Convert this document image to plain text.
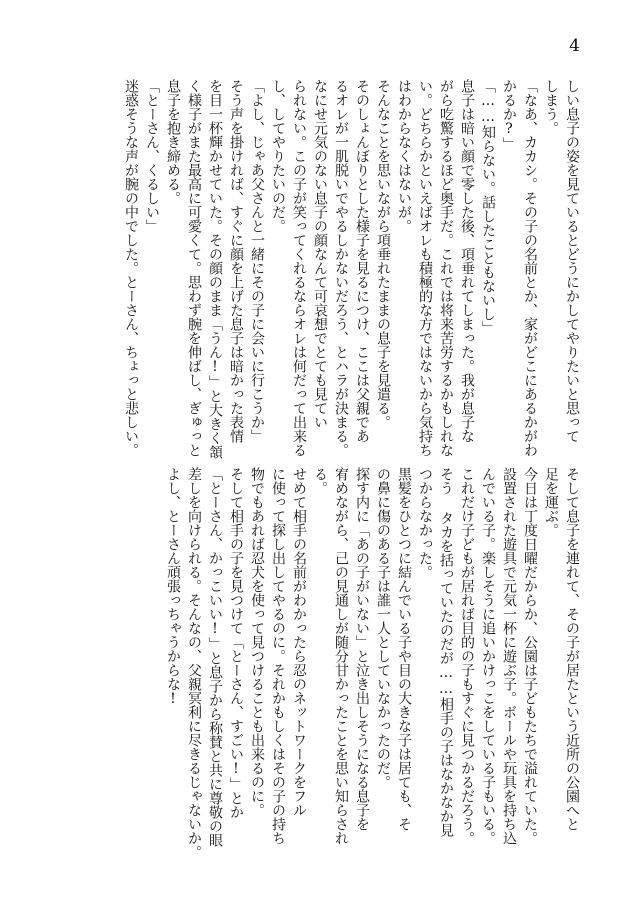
4
しい息子の姿を見ているとどうにかしてやりたいと思って
しまう。
「なあ、カカシ。その子の名前とか、家がどこにあるかがわ
かるか?」
「……知らない。話したこともないし」
息子は暗い顔で零した後、項垂れてしまった。我が息子な
がら吃驚するほど奥手だ。これでは将来苦労するかもしれな
い。どちらかといえばオレも積極的な方ではないから気持ち
はわからなくはないが。
そんなことを思いながら項垂れたままの息子を見遣る。
そのしょんぼりとした様子を見るにつけ、ここは父親であ
るオレが一肌脱いでやるしかないだろう、とハラが決まる。
なにせ元気のない息子の顔なんて可哀想でとても見てい
られない。この子が笑ってくれるならオレは何だって出来る
し、してやりたいのだ。
「よし、じゃあ父さんと一緒にその子に会いに行こうか」
そう声を掛ければ、すぐに顔を上げた息子は暗かった表情
を目一杯輝かせていた。その顔のまま「うん!」と大きく頷
く様子がまた最高に可愛くて。思わず腕を伸ばし、ぎゅっと
息子を抱き締める。
「とーさん、くるしい」
迷惑そうな声が腕の中でした。とーさん、ちょっと悲しい。
そして息子を連れて、その子が居たという近所の公園へと
足を運ぶ。
今日は丁度日曜だからか、公園は子どもたちで溢れていた。
設置された遊具で元気一杯に遊ぶ子。ボールや玩具を持ち込
んでいる子。楽しそうに追いかけっこをしている子もいる。
これだけ子どもが居れば目的の子もすぐに見つかるだろう。
そう タカを括っていたのだが……相手の子はなかなか見
つからなかった。
黒髪をひとつに結んでいる子や目の大きな子は居ても、そ
の鼻に傷のある子は誰一人としていなかったのだ。
探す内に「あの子がいない」と泣き出しそうになる息子を
宥めながら、己の見通しが随分甘かったことを思い知らされ
る。
せめて相手の名前がわかったら忍のネットワークをフル
に使って探し出してやるのに。それかもしくはその子の持ち
物でもあれば忍犬を使って見つけることも出来るのに。
そして相手の子を見つけて「とーさん、すごい!」とか
「とーさん、かっこいい!」と息子から称賛と共に尊敬の眼
差しを向けられる。そんなの、父親冥利に尽きるじゃないか。
よし、とーさん頑張っちゃうからな!
